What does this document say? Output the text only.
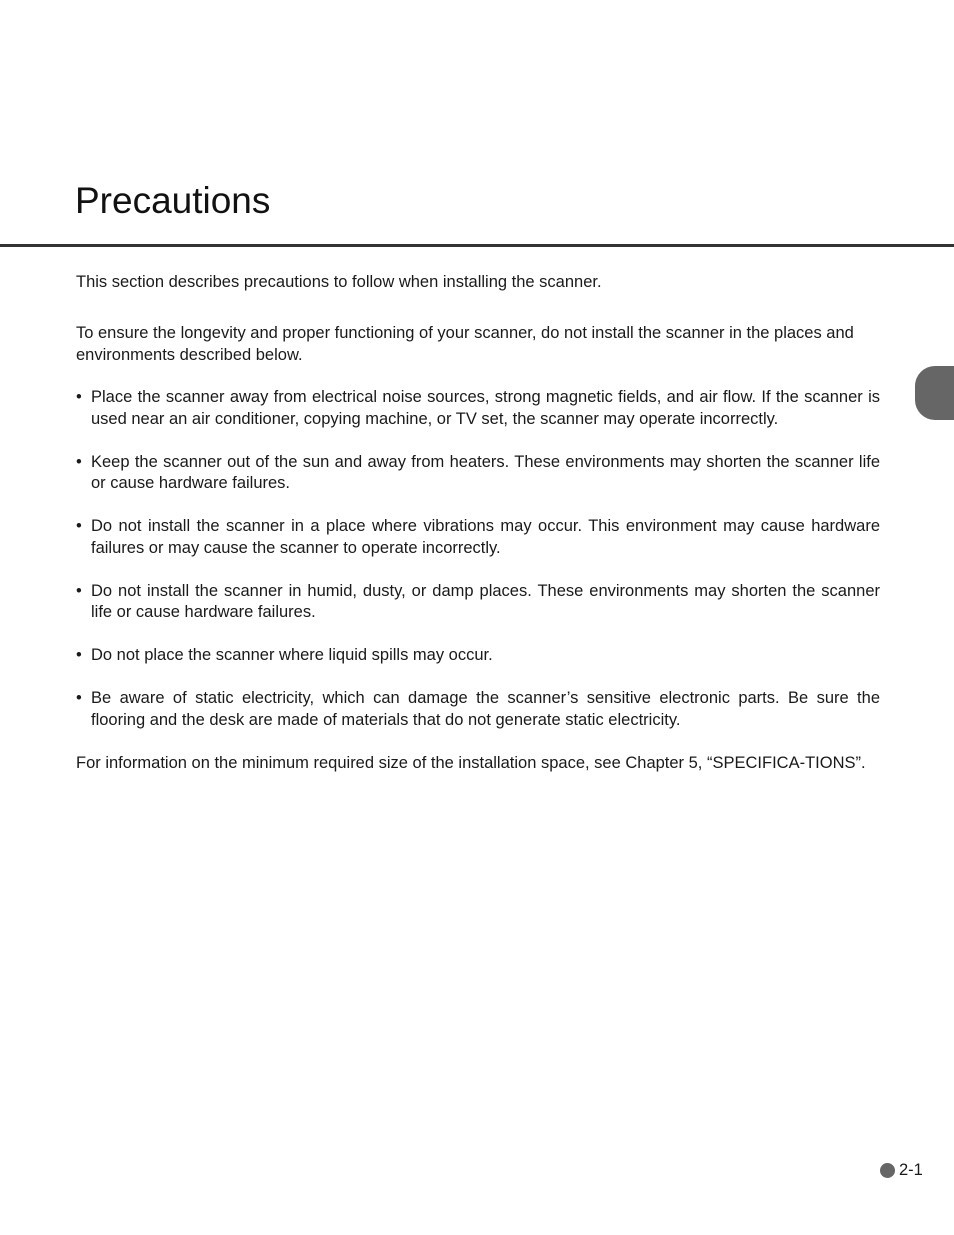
Precautions

This section describes precautions to follow when installing the scanner.

To ensure the longevity and proper functioning of your scanner, do not install the scanner in the places and environments described below.

• Place the scanner away from electrical noise sources, strong magnetic fields, and air flow. If the scanner is used near an air conditioner, copying machine, or TV set, the scanner may operate incorrectly.
• Keep the scanner out of the sun and away from heaters. These environments may shorten the scanner life or cause hardware failures.
• Do not install the scanner in a place where vibrations may occur. This environment may cause hardware failures or may cause the scanner to operate incorrectly.
• Do not install the scanner in humid, dusty, or damp places. These environments may shorten the scanner life or cause hardware failures.
• Do not place the scanner where liquid spills may occur.
• Be aware of static electricity, which can damage the scanner’s sensitive electronic parts. Be sure the flooring and the desk are made of materials that do not generate static electricity.

For information on the minimum required size of the installation space, see Chapter 5, “SPECIFICA-TIONS”.

2-1
